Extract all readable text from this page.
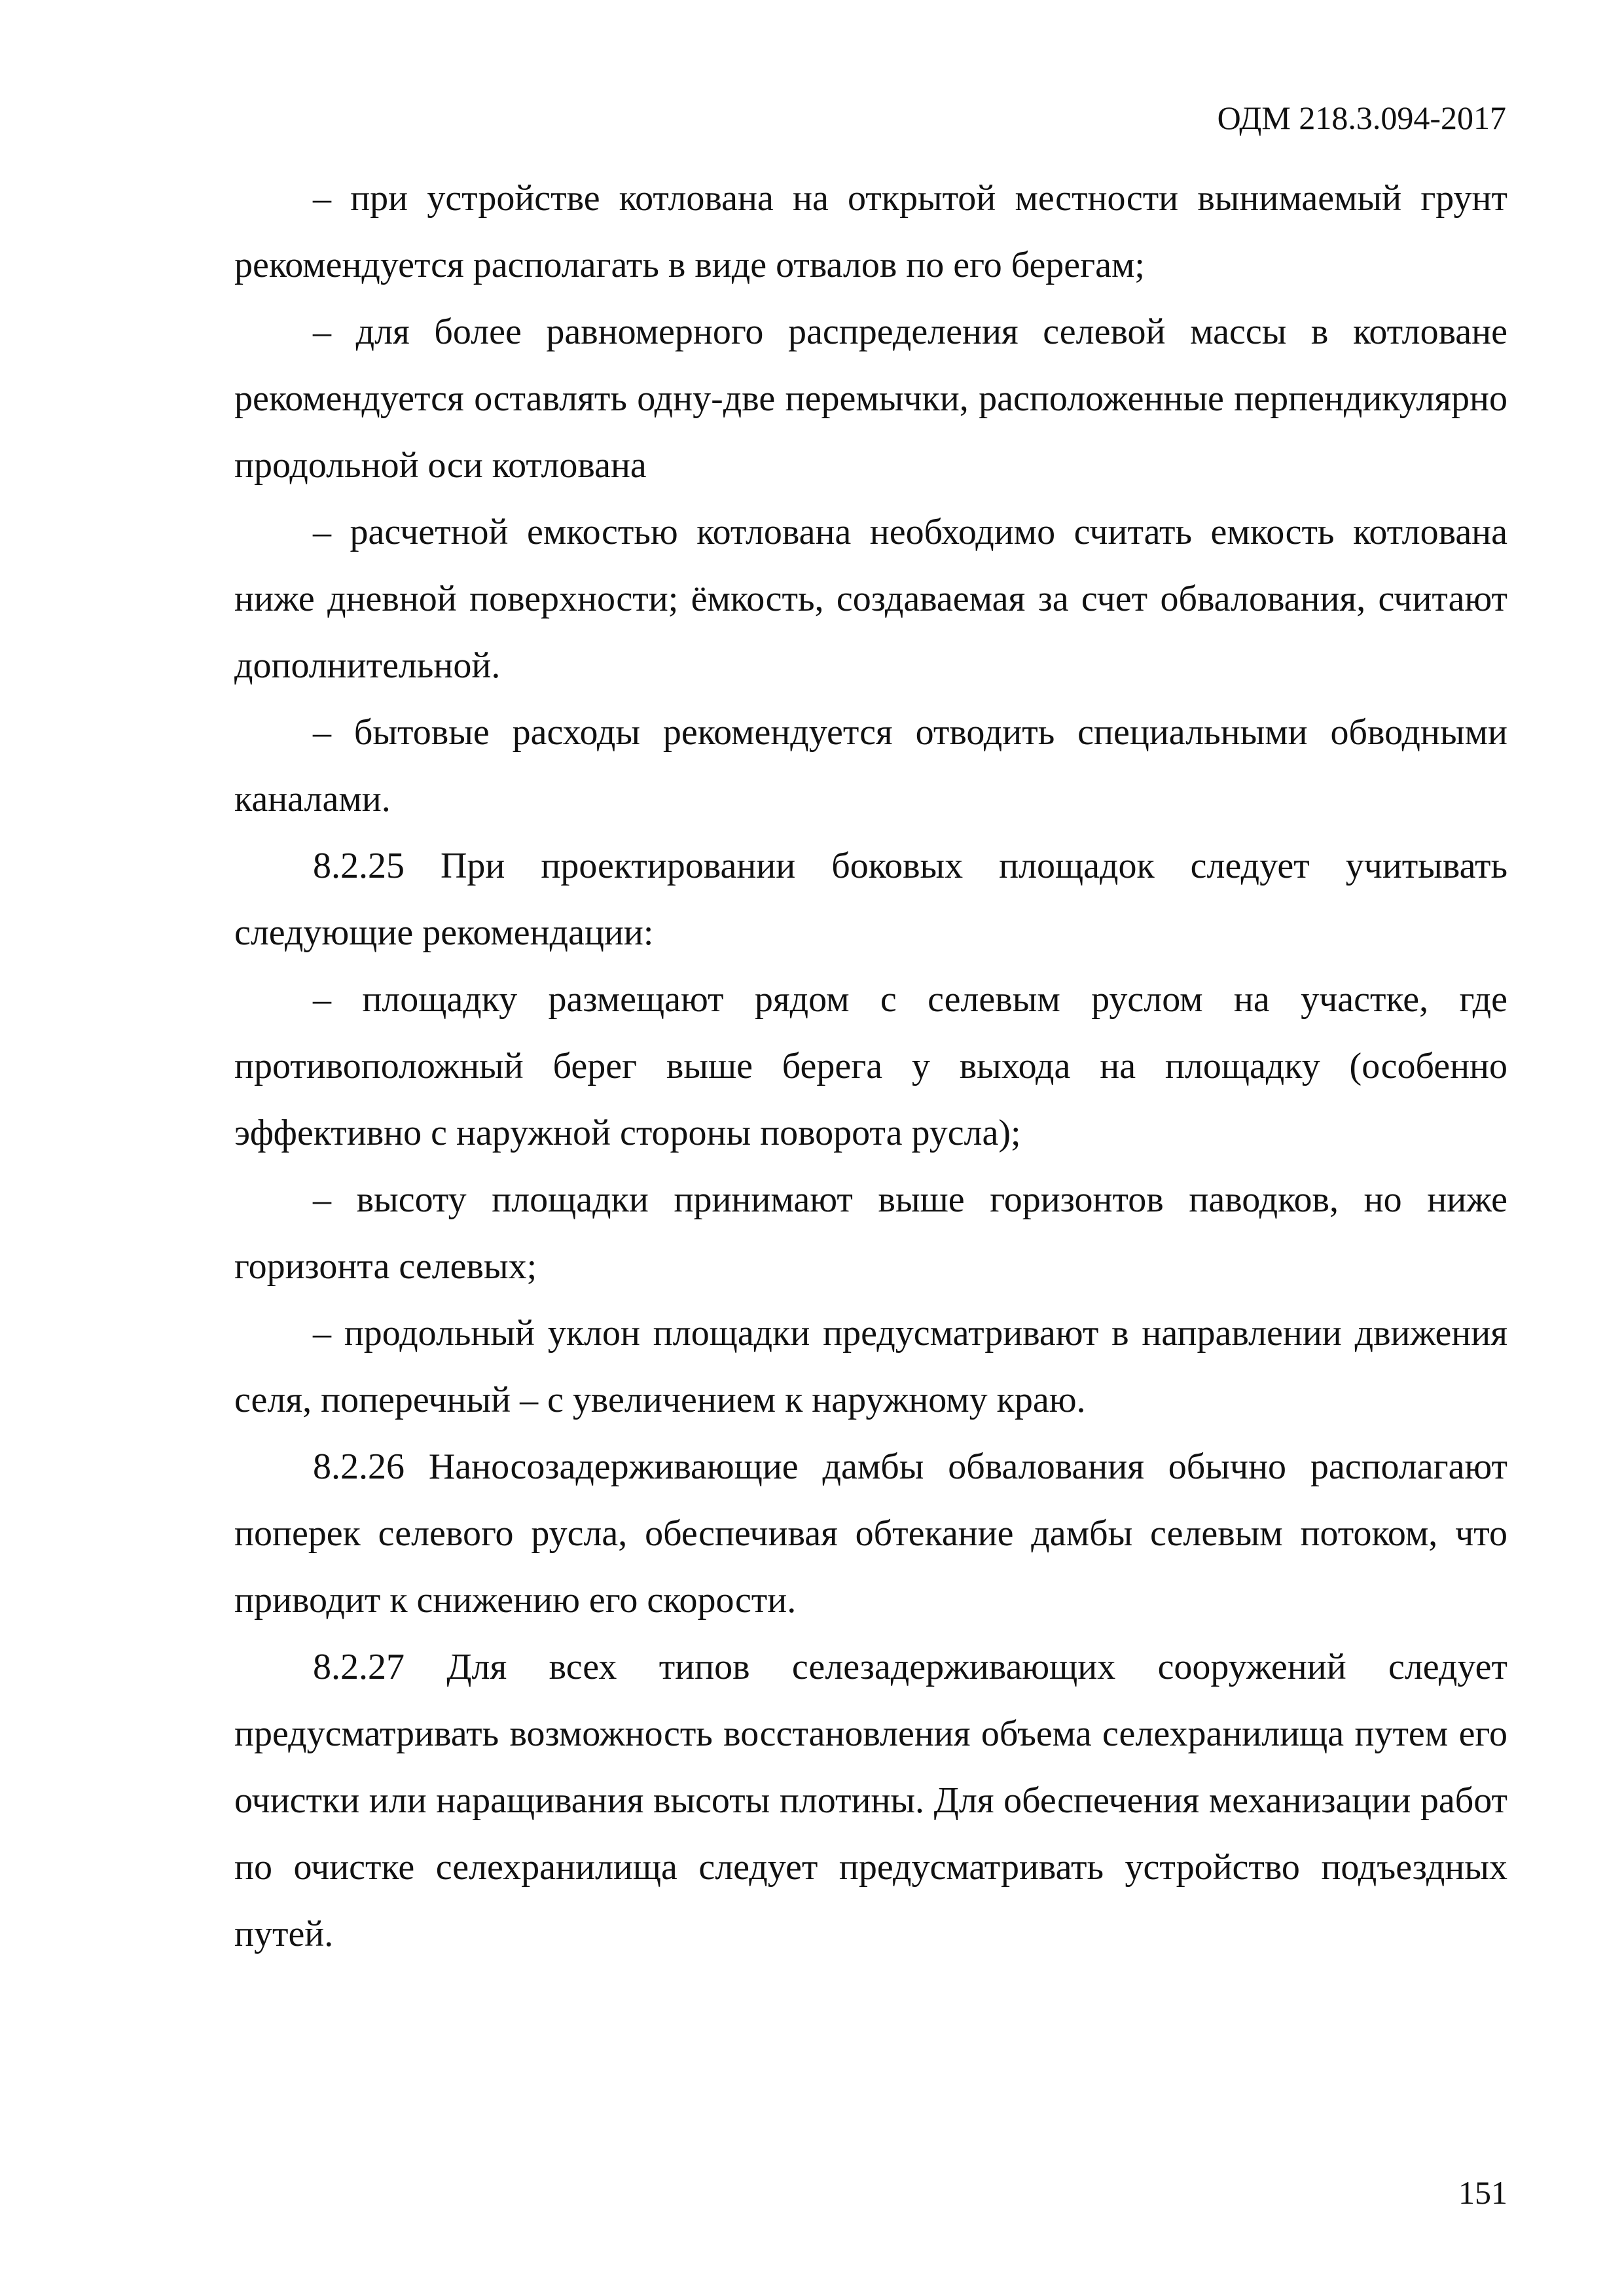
ОДМ 218.3.094-2017

– при устройстве котлована на открытой местности вынимаемый грунт рекомендуется располагать в виде отвалов по его берегам;

– для более равномерного распределения селевой массы в котловане рекомендуется оставлять одну-две перемычки, расположенные перпендикулярно продольной оси котлована

– расчетной емкостью котлована необходимо считать емкость котлована ниже дневной поверхности; ёмкость, создаваемая за счет обвалования, считают дополнительной.

– бытовые расходы рекомендуется отводить специальными обводными каналами.

8.2.25 При проектировании боковых площадок следует учитывать следующие рекомендации:

– площадку размещают рядом с селевым руслом на участке, где противоположный берег выше берега у выхода на площадку (особенно эффективно с наружной стороны поворота русла);

– высоту площадки принимают выше горизонтов паводков, но ниже горизонта селевых;

– продольный уклон площадки предусматривают в направлении движения селя, поперечный – с увеличением к наружному краю.

8.2.26 Наносозадерживающие дамбы обвалования обычно располагают поперек селевого русла, обеспечивая обтекание дамбы селевым потоком, что приводит к снижению его скорости.

8.2.27 Для всех типов селезадерживающих сооружений следует предусматривать возможность восстановления объема селехранилища путем его очистки или наращивания высоты плотины. Для обеспечения механизации работ по очистке селехранилища следует предусматривать устройство подъездных путей.

151
